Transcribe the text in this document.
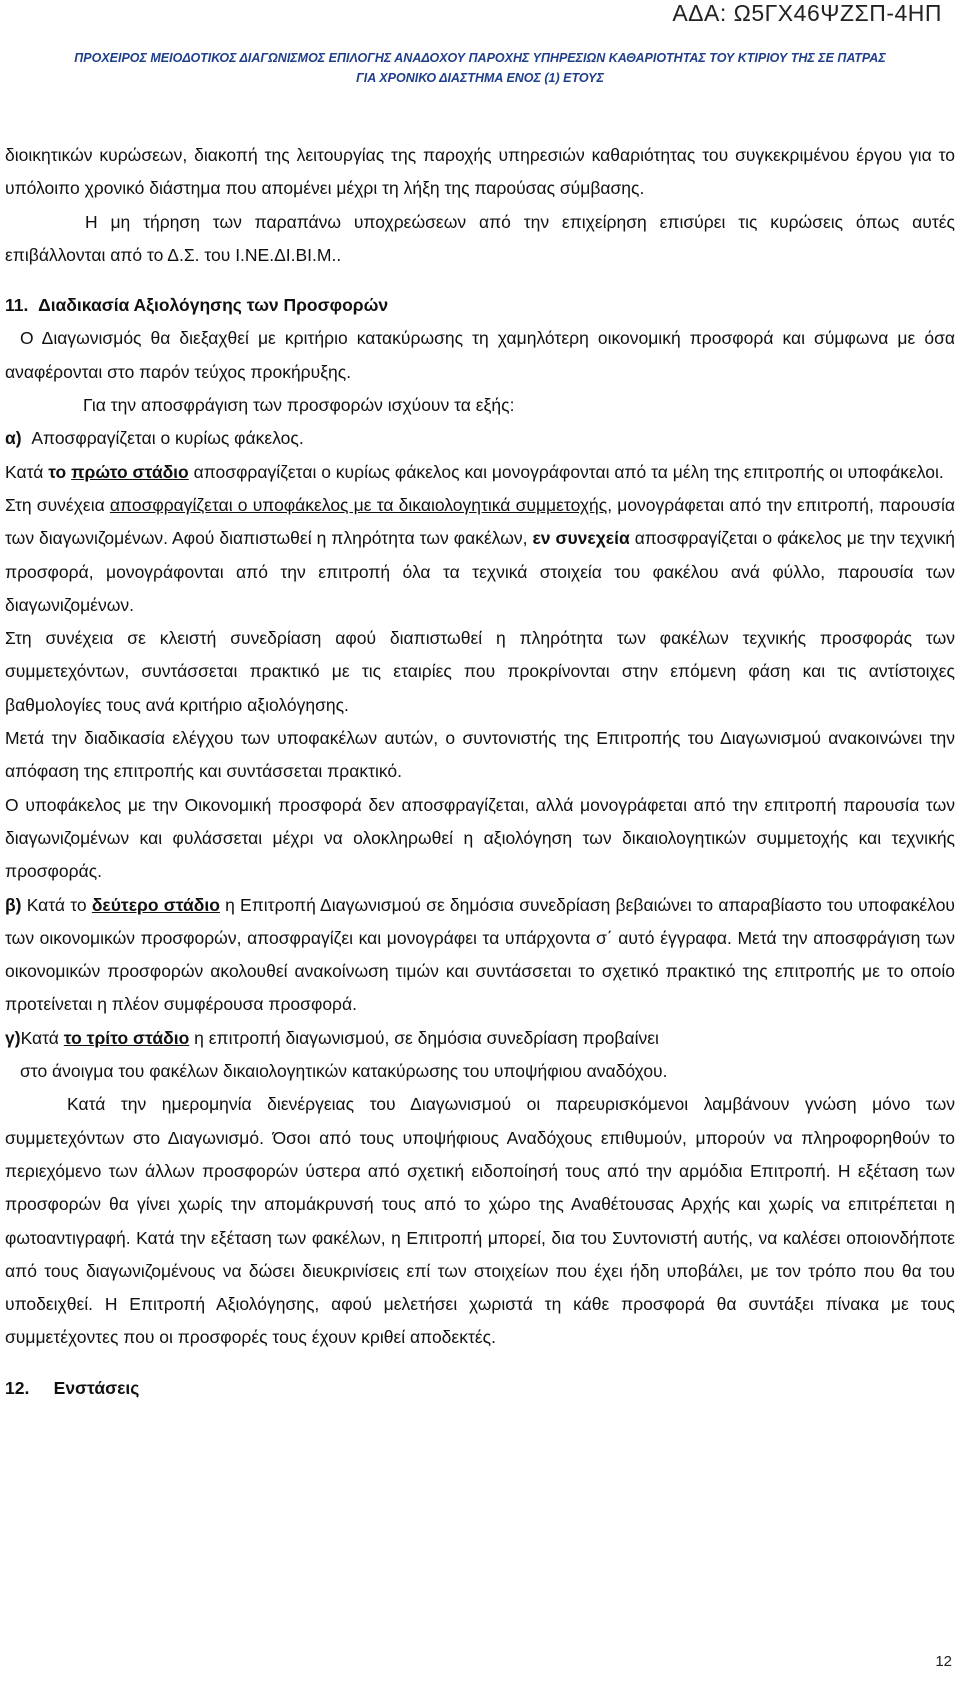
ΑΔΑ: Ω5ΓΧ46ΨΖΣΠ-4ΗΠ
ΠΡΟΧΕΙΡΟΣ ΜΕΙΟΔΟΤΙΚΟΣ ΔΙΑΓΩΝΙΣΜΟΣ ΕΠΙΛΟΓΗΣ ΑΝΑΔΟΧΟΥ ΠΑΡΟΧΗΣ ΥΠΗΡΕΣΙΩΝ ΚΑΘΑΡΙΟΤΗΤΑΣ ΤΟΥ ΚΤΙΡΙΟΥ ΤΗΣ ΣΕ ΠΑΤΡΑΣ
ΓΙΑ ΧΡΟΝΙΚΟ ΔΙΑΣΤΗΜΑ ΕΝΟΣ (1) ΕΤΟΥΣ

διοικητικών κυρώσεων, διακοπή της λειτουργίας της παροχής υπηρεσιών καθαριότητας του συγκεκριμένου έργου για το υπόλοιπο χρονικό διάστημα που απομένει μέχρι τη λήξη της παρούσας σύμβασης.

Η μη τήρηση των παραπάνω υποχρεώσεων από την επιχείρηση επισύρει τις κυρώσεις όπως αυτές επιβάλλονται από το Δ.Σ. του Ι.ΝΕ.ΔΙ.ΒΙ.Μ..

11. Διαδικασία Αξιολόγησης των Προσφορών

Ο Διαγωνισμός θα διεξαχθεί με κριτήριο κατακύρωσης τη χαμηλότερη οικονομική προσφορά και σύμφωνα με όσα αναφέρονται στο παρόν τεύχος προκήρυξης.

Για την αποσφράγιση των προσφορών ισχύουν τα εξής:

α) Αποσφραγίζεται ο κυρίως φάκελος.

Κατά το πρώτο στάδιο αποσφραγίζεται ο κυρίως φάκελος και μονογράφονται από τα μέλη της επιτροπής οι υποφάκελοι.

Στη συνέχεια αποσφραγίζεται ο υποφάκελος με τα δικαιολογητικά συμμετοχής, μονογράφεται από την επιτροπή, παρουσία των διαγωνιζομένων. Αφού διαπιστωθεί η πληρότητα των φακέλων, εν συνεχεία αποσφραγίζεται ο φάκελος με την τεχνική προσφορά, μονογράφονται από την επιτροπή όλα τα τεχνικά στοιχεία του φακέλου ανά φύλλο, παρουσία των διαγωνιζομένων.

Στη συνέχεια σε κλειστή συνεδρίαση αφού διαπιστωθεί η πληρότητα των φακέλων τεχνικής προσφοράς των συμμετεχόντων, συντάσσεται πρακτικό με τις εταιρίες που προκρίνονται στην επόμενη φάση και τις αντίστοιχες βαθμολογίες τους ανά κριτήριο αξιολόγησης.

Μετά την διαδικασία ελέγχου των υποφακέλων αυτών, ο συντονιστής της Επιτροπής του Διαγωνισμού ανακοινώνει την απόφαση της επιτροπής και συντάσσεται πρακτικό.

Ο υποφάκελος με την Οικονομική προσφορά δεν αποσφραγίζεται, αλλά μονογράφεται από την επιτροπή παρουσία των διαγωνιζομένων και φυλάσσεται μέχρι να ολοκληρωθεί η αξιολόγηση των δικαιολογητικών συμμετοχής και τεχνικής προσφοράς.

β) Κατά το δεύτερο στάδιο η Επιτροπή Διαγωνισμού σε δημόσια συνεδρίαση βεβαιώνει το απαραβίαστο του υποφακέλου των οικονομικών προσφορών, αποσφραγίζει και μονογράφει τα υπάρχοντα σ΄ αυτό έγγραφα. Μετά την αποσφράγιση των οικονομικών προσφορών ακολουθεί ανακοίνωση τιμών και συντάσσεται το σχετικό πρακτικό της επιτροπής με το οποίο προτείνεται η πλέον συμφέρουσα προσφορά.

γ)Κατά το τρίτο στάδιο η επιτροπή διαγωνισμού, σε δημόσια συνεδρίαση προβαίνει

στο άνοιγμα του φακέλων δικαιολογητικών κατακύρωσης του υποψήφιου αναδόχου.

Κατά την ημερομηνία διενέργειας του Διαγωνισμού οι παρευρισκόμενοι λαμβάνουν γνώση μόνο των συμμετεχόντων στο Διαγωνισμό. Όσοι από τους υποψήφιους Αναδόχους επιθυμούν, μπορούν να πληροφορηθούν το περιεχόμενο των άλλων προσφορών ύστερα από σχετική ειδοποίησή τους από την αρμόδια Επιτροπή. Η εξέταση των προσφορών θα γίνει χωρίς την απομάκρυνσή τους από το χώρο της Αναθέτουσας Αρχής και χωρίς να επιτρέπεται η φωτοαντιγραφή. Κατά την εξέταση των φακέλων, η Επιτροπή μπορεί, δια του Συντονιστή αυτής, να καλέσει οποιονδήποτε από τους διαγωνιζομένους να δώσει διευκρινίσεις επί των στοιχείων που έχει ήδη υποβάλει, με τον τρόπο που θα του υποδειχθεί. Η Επιτροπή Αξιολόγησης, αφού μελετήσει χωριστά τη κάθε προσφορά θα συντάξει πίνακα με τους συμμετέχοντες που οι προσφορές τους έχουν κριθεί αποδεκτές.

12. Ενστάσεις

12
